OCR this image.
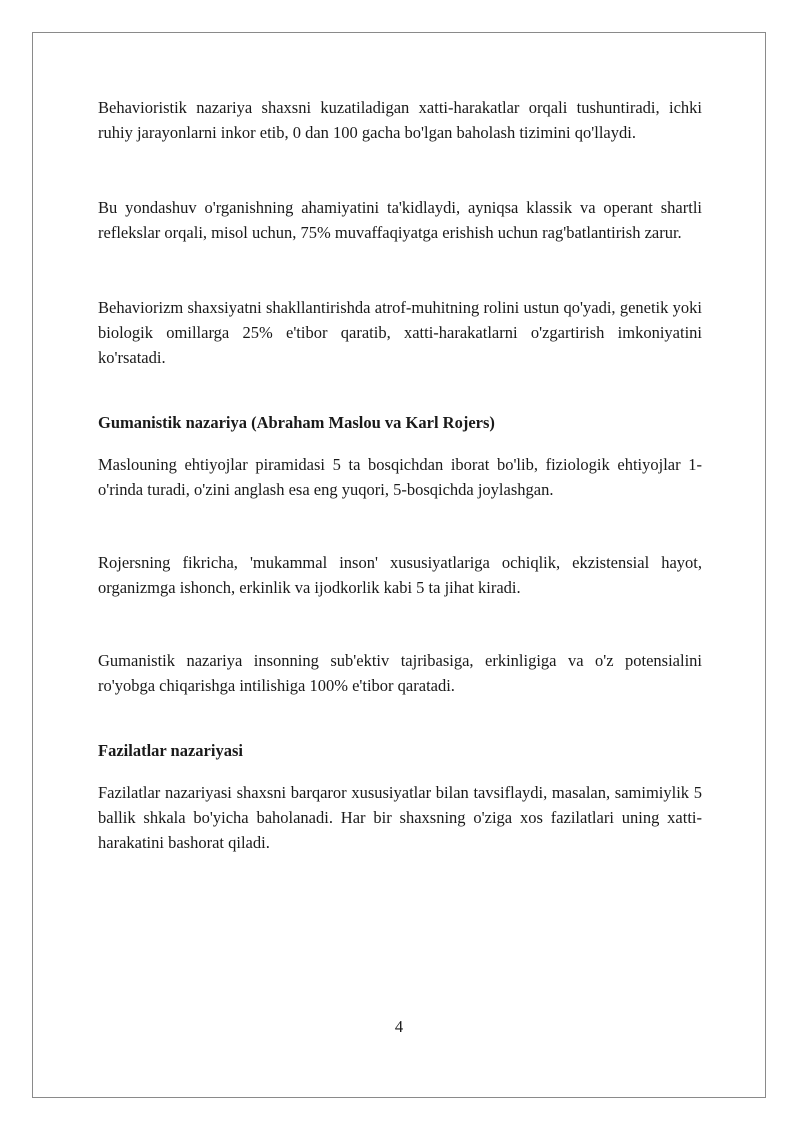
Behavioristik nazariya shaxsni kuzatiladigan xatti-harakatlar orqali tushuntiradi, ichki ruhiy jarayonlarni inkor etib, 0 dan 100 gacha bo'lgan baholash tizimini qo'llaydi.

Bu yondashuv o'rganishning ahamiyatini ta'kidlaydi, ayniqsa klassik va operant shartli reflekslar orqali, misol uchun, 75% muvaffaqiyatga erishish uchun rag'batlantirish zarur.

Behaviorizm shaxsiyatni shakllantirishda atrof-muhitning rolini ustun qo'yadi, genetik yoki biologik omillarga 25% e'tibor qaratib, xatti-harakatlarni o'zgartirish imkoniyatini ko'rsatadi.

Gumanistik nazariya (Abraham Maslou va Karl Rojers)

Maslouning ehtiyojlar piramidasi 5 ta bosqichdan iborat bo'lib, fiziologik ehtiyojlar 1-o'rinda turadi, o'zini anglash esa eng yuqori, 5-bosqichda joylashgan.

Rojersning fikricha, 'mukammal inson' xususiyatlariga ochiqlik, ekzistensial hayot, organizmga ishonch, erkinlik va ijodkorlik kabi 5 ta jihat kiradi.

Gumanistik nazariya insonning sub'ektiv tajribasiga, erkinligiga va o'z potensialini ro'yobga chiqarishga intilishiga 100% e'tibor qaratadi.

Fazilatlar nazariyasi

Fazilatlar nazariyasi shaxsni barqaror xususiyatlar bilan tavsiflaydi, masalan, samimiylik 5 ballik shkala bo'yicha baholanadi. Har bir shaxsning o'ziga xos fazilatlari uning xatti-harakatini bashorat qiladi.

4
